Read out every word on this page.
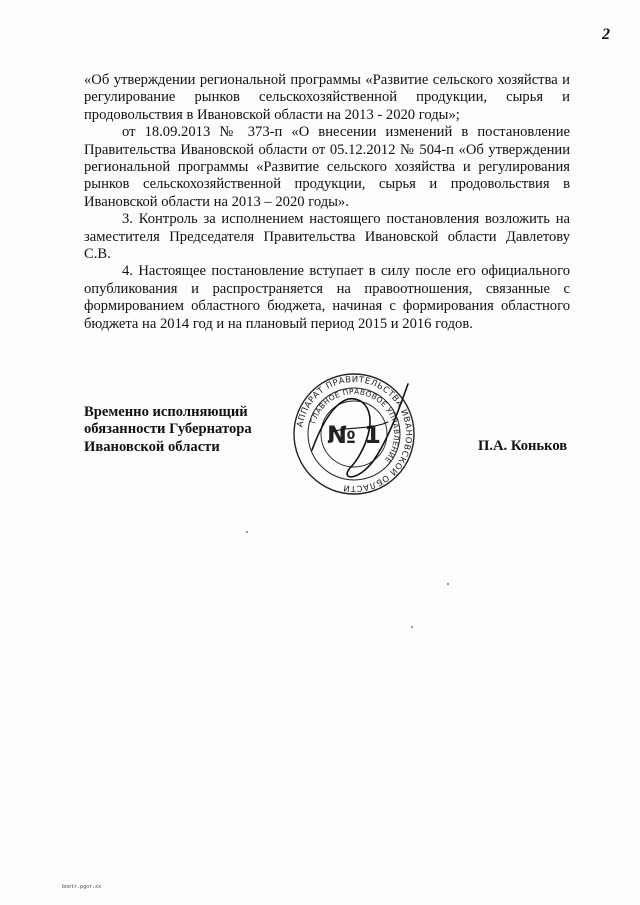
2

«Об утверждении региональной программы «Развитие сельского хозяйства и регулирование рынков сельскохозяйственной продукции, сырья и продовольствия в Ивановской области на 2013 - 2020 годы»;

от 18.09.2013 № 373-п «О внесении изменений в постановление Правительства Ивановской области от 05.12.2012 № 504-п «Об утверждении региональной программы «Развитие сельского хозяйства и регулирования рынков сельскохозяйственной продукции, сырья и продовольствия в Ивановской области на 2013 – 2020 годы».

3. Контроль за исполнением настоящего постановления возложить на заместителя Председателя Правительства Ивановской области Давлетову С.В.

4. Настоящее постановление вступает в силу после его официального опубликования и распространяется на правоотношения, связанные с формированием областного бюджета, начиная с формирования областного бюджета на 2014 год и на плановый период 2015 и 2016 годов.

Временно исполняющий
обязанности Губернатора
Ивановской области	П.А. Коньков
АППАРАТ ПРАВИТЕЛЬСТВА ИВАНОВСКОЙ ОБЛАСТИ
ГЛАВНОЕ ПРАВОВОЕ УПРАВЛЕНИЕ
№ 1
bootr.pgor.xx
